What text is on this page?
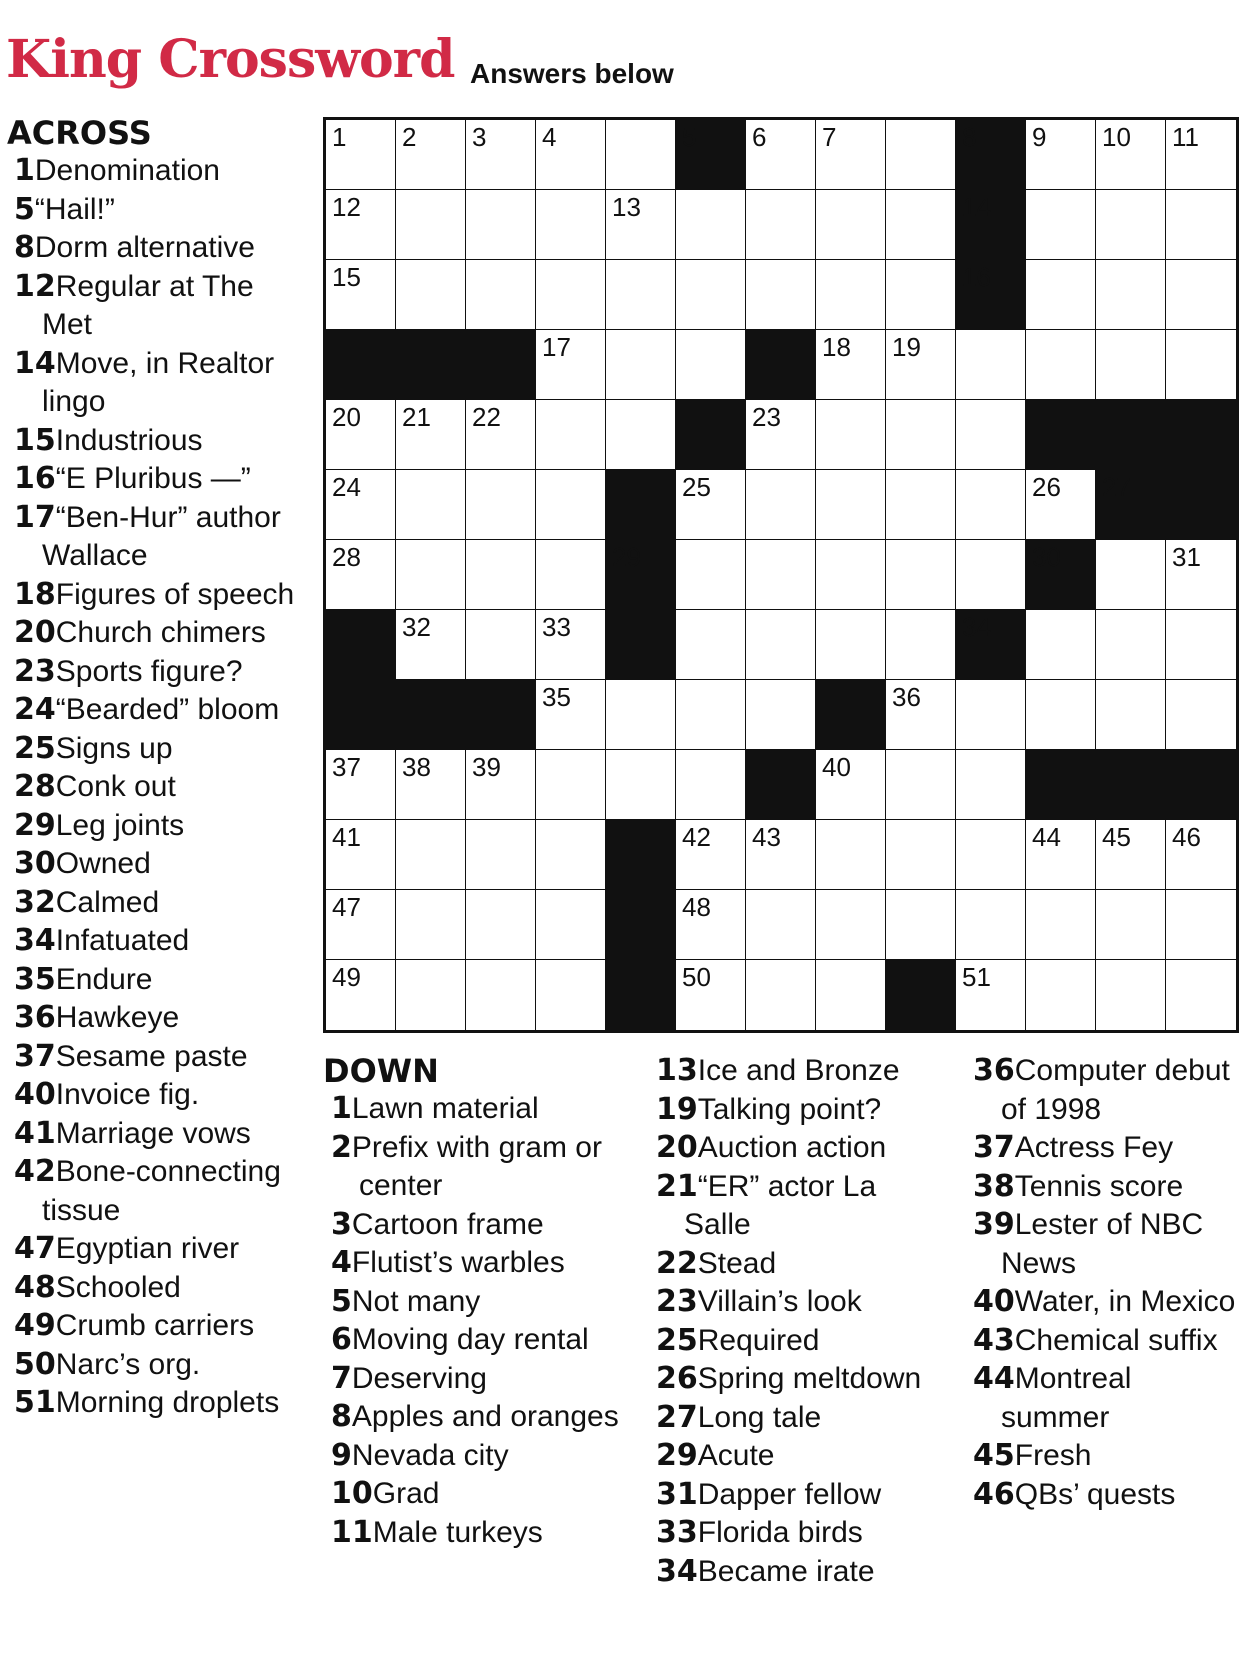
King Crossword Answers below
ACROSS
1Denomination
5“Hail!”
8Dorm alternative
12Regular at The Met
14Move, in Realtor lingo
15Industrious
16“E Pluribus —”
17“Ben-Hur” author Wallace
18Figures of speech
20Church chimers
23Sports figure?
24“Bearded” bloom
25Signs up
28Conk out
29Leg joints
30Owned
32Calmed
34Infatuated
35Endure
36Hawkeye
37Sesame paste
40Invoice fig.
41Marriage vows
42Bone-connecting tissue
47Egyptian river
48Schooled
49Crumb carriers
50Narc’s org.
51Morning droplets
1 2 3 4	5 6 7	8 9 10 11
12	13	14
15	16
17	18 19
20 21 22	23
24	25	26 27
28	29	30	31
32	33	34
35	36
37 38 39	40
41	42 43	44 45 46
47	48
49	50	51
DOWN
1Lawn material
2Prefix with gram or center
3Cartoon frame
4Flutist’s warbles
5Not many
6Moving day rental
7Deserving
8Apples and oranges
9Nevada city
10Grad
11Male turkeys
13Ice and Bronze
19Talking point?
20Auction action
21“ER” actor La Salle
22Stead
23Villain’s look
25Required
26Spring meltdown
27Long tale
29Acute
31Dapper fellow
33Florida birds
34Became irate
36Computer debut of 1998
37Actress Fey
38Tennis score
39Lester of NBC News
40Water, in Mexico
43Chemical suffix
44Montreal summer
45Fresh
46QBs’ quests
